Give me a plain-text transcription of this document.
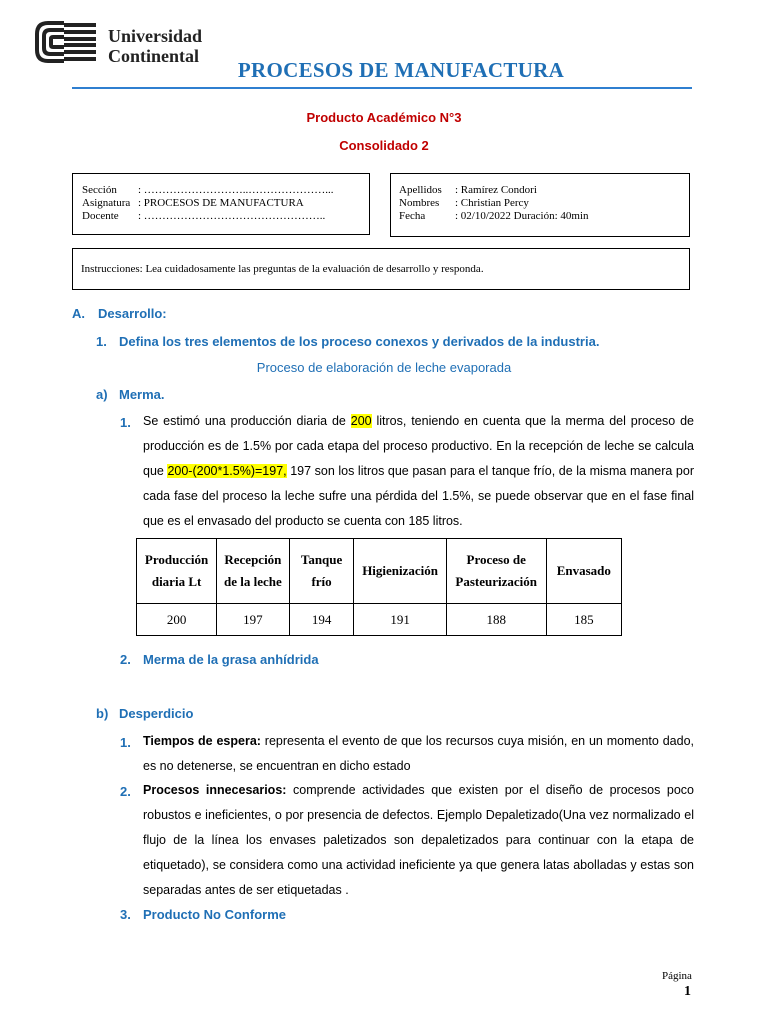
Universidad
Continental
PROCESOS DE MANUFACTURA
Producto Académico N°3
Consolidado 2
Sección	: ………………………..…………………...
Asignatura : PROCESOS DE MANUFACTURA
Docente	: …………………………………………..
Apellidos	: Ramírez Condori
Nombres	: Christian Percy
Fecha	: 02/10/2022 Duración: 40min
Instrucciones: Lea cuidadosamente las preguntas de la evaluación de desarrollo y responda.
A.	Desarrollo:
1. Defina los tres elementos de los proceso conexos y derivados de la industria.
Proceso de elaboración de leche evaporada
a) Merma.
1. Se estimó una producción diaria de 200 litros, teniendo en cuenta que la merma del proceso de producción es de 1.5% por cada etapa del proceso productivo. En la recepción de leche se calcula que 200-(200*1.5%)=197, 197 son los litros que pasan para el tanque frío, de la misma manera por cada fase del proceso la leche sufre una pérdida del 1.5%, se puede observar que en el fase final que es el envasado del producto se cuenta con 185 litros.
Producción diaria Lt	Recepción de la leche	Tanque frío	Higienización	Proceso de Pasteurización	Envasado
200	197	194	191	188	185
2. Merma de la grasa anhídrida
b) Desperdicio
1. Tiempos de espera: representa el evento de que los recursos cuya misión, en un momento dado, es no detenerse, se encuentran en dicho estado
2. Procesos innecesarios: comprende actividades que existen por el diseño de procesos poco robustos e ineficientes, o por presencia de defectos. Ejemplo Depaletizado(Una vez normalizado el flujo de la línea los envases paletizados son depaletizados para continuar con la etapa de etiquetado), se considera como una actividad ineficiente ya que genera latas abolladas y estas son separadas antes de ser etiquetadas .
3. Producto No Conforme
Página
1
